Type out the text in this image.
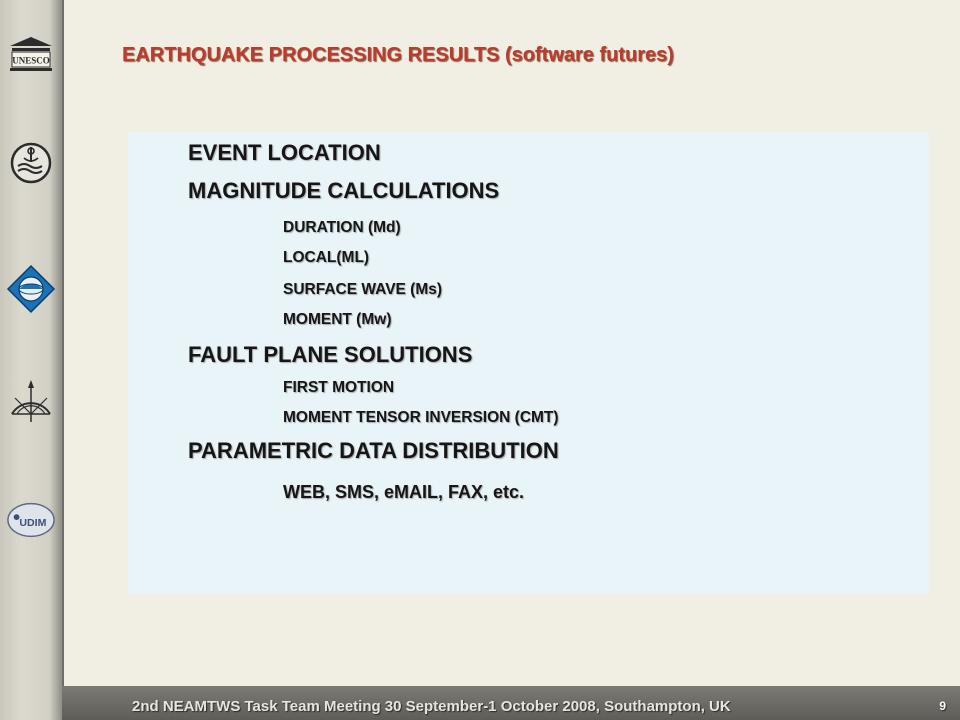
UNESCO
UDIM
EARTHQUAKE PROCESSING RESULTS (software futures)
EVENT LOCATION
MAGNITUDE CALCULATIONS
DURATION (Md)
LOCAL(ML)
SURFACE WAVE (Ms)
MOMENT (Mw)
FAULT PLANE SOLUTIONS
FIRST MOTION
MOMENT TENSOR INVERSION (CMT)
PARAMETRIC DATA DISTRIBUTION
WEB, SMS, eMAIL, FAX, etc.
2nd NEAMTWS Task Team Meeting 30 September-1 October 2008, Southampton, UK	9
